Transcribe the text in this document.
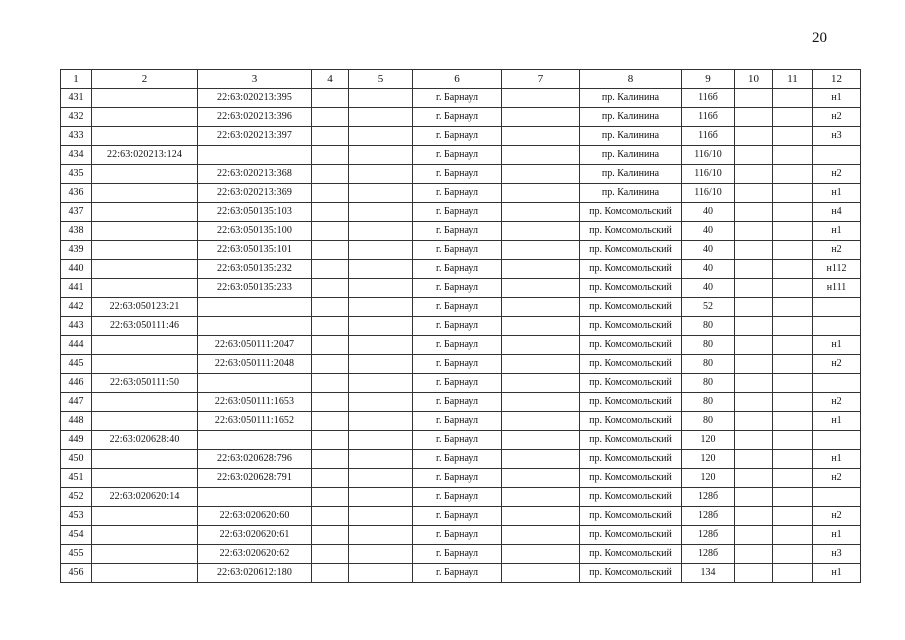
20
1	2	3	4	5	6	7	8	9	10	11	12
431		22:63:020213:395			г. Барнаул		пр. Калинина	116б			н1
432		22:63:020213:396			г. Барнаул		пр. Калинина	116б			н2
433		22:63:020213:397			г. Барнаул		пр. Калинина	116б			н3
434	22:63:020213:124				г. Барнаул		пр. Калинина	116/10			
435		22:63:020213:368			г. Барнаул		пр. Калинина	116/10			н2
436		22:63:020213:369			г. Барнаул		пр. Калинина	116/10			н1
437		22:63:050135:103			г. Барнаул		пр. Комсомольский	40			н4
438		22:63:050135:100			г. Барнаул		пр. Комсомольский	40			н1
439		22:63:050135:101			г. Барнаул		пр. Комсомольский	40			н2
440		22:63:050135:232			г. Барнаул		пр. Комсомольский	40			н112
441		22:63:050135:233			г. Барнаул		пр. Комсомольский	40			н111
442	22:63:050123:21				г. Барнаул		пр. Комсомольский	52			
443	22:63:050111:46				г. Барнаул		пр. Комсомольский	80			
444		22:63:050111:2047			г. Барнаул		пр. Комсомольский	80			н1
445		22:63:050111:2048			г. Барнаул		пр. Комсомольский	80			н2
446	22:63:050111:50				г. Барнаул		пр. Комсомольский	80			
447		22:63:050111:1653			г. Барнаул		пр. Комсомольский	80			н2
448		22:63:050111:1652			г. Барнаул		пр. Комсомольский	80			н1
449	22:63:020628:40				г. Барнаул		пр. Комсомольский	120			
450		22:63:020628:796			г. Барнаул		пр. Комсомольский	120			н1
451		22:63:020628:791			г. Барнаул		пр. Комсомольский	120			н2
452	22:63:020620:14				г. Барнаул		пр. Комсомольский	128б			
453		22:63:020620:60			г. Барнаул		пр. Комсомольский	128б			н2
454		22:63:020620:61			г. Барнаул		пр. Комсомольский	128б			н1
455		22:63:020620:62			г. Барнаул		пр. Комсомольский	128б			н3
456		22:63:020612:180			г. Барнаул		пр. Комсомольский	134			н1
